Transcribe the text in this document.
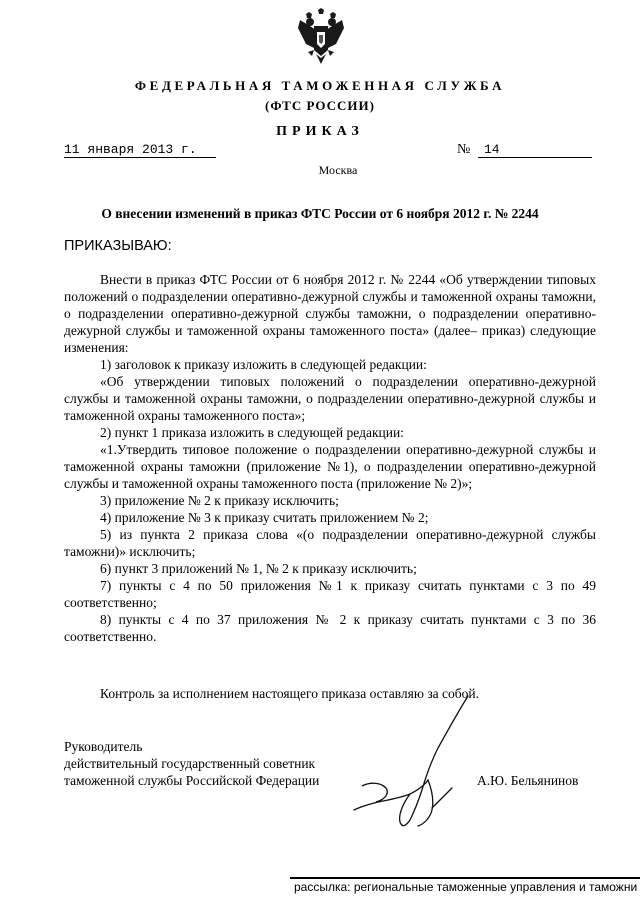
ФЕДЕРАЛЬНАЯ ТАМОЖЕННАЯ СЛУЖБА
(ФТС РОССИИ)
ПРИКАЗ
11 января 2013 г.	№ 14
Москва
О внесении изменений в приказ ФТС России от 6 ноября 2012 г. № 2244
ПРИКАЗЫВАЮ:

Внести в приказ ФТС России от 6 ноября 2012 г. № 2244 «Об утверждении типовых положений о подразделении оперативно-дежурной службы и таможенной охраны таможни, о подразделении оперативно-дежурной службы таможни, о подразделении оперативно-дежурной службы и таможенной охраны таможенного поста» (далее– приказ) следующие изменения:

1) заголовок к приказу изложить в следующей редакции:

«Об утверждении типовых положений о подразделении оперативно-дежурной службы и таможенной охраны таможни, о подразделении оперативно-дежурной службы и таможенной охраны таможенного поста»;

2) пункт 1 приказа изложить в следующей редакции:

«1.Утвердить типовое положение о подразделении оперативно-дежурной службы и таможенной охраны таможни (приложение №1), о подразделении оперативно-дежурной службы и таможенной охраны таможенного поста (приложение № 2)»;

3) приложение № 2 к приказу исключить;

4) приложение № 3 к приказу считать приложением № 2;

5) из пункта 2 приказа слова «(о подразделении оперативно-дежурной службы таможни)» исключить;

6) пункт 3 приложений № 1, № 2 к приказу исключить;

7) пункты с 4 по 50 приложения №1 к приказу считать пунктами с 3 по 49 соответственно;

8) пункты с 4 по 37 приложения № 2 к приказу считать пунктами с 3 по 36 соответственно.

Контроль за исполнением настоящего приказа оставляю за собой.
Руководитель
действительный государственный советник
таможенной службы Российской Федерации	А.Ю. Бельянинов
рассылка: региональные таможенные управления и таможни
